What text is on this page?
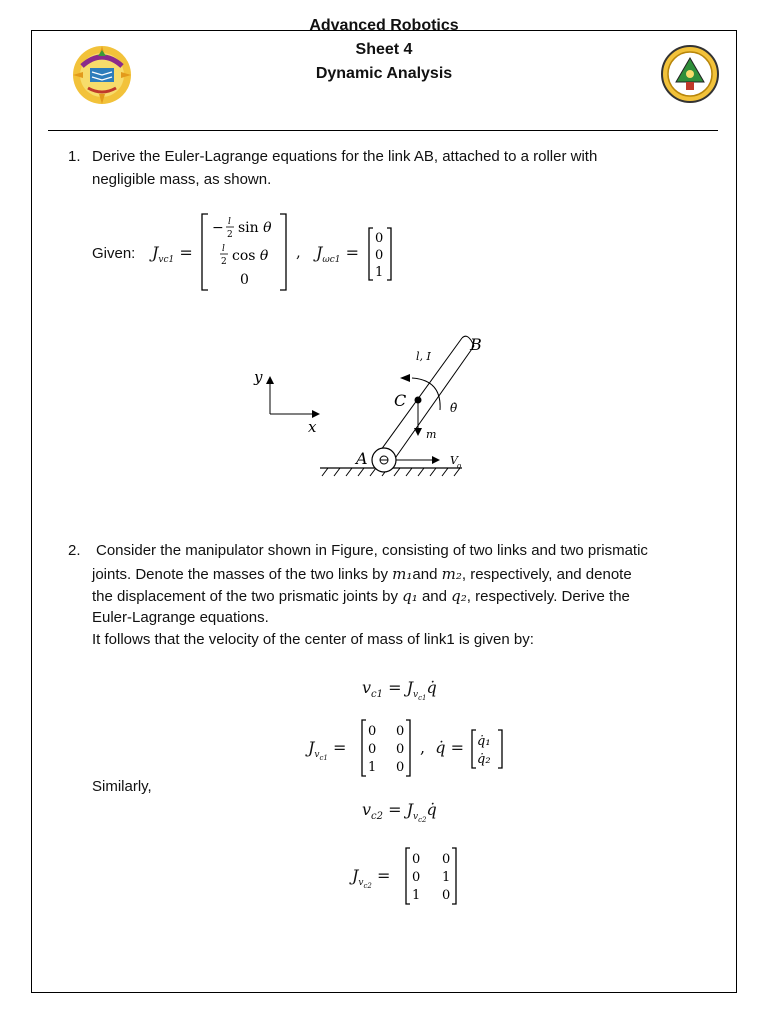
Advanced Robotics
Sheet 4
Dynamic Analysis
1. Derive the Euler-Lagrange equations for the link AB, attached to a roller with
negligible mass, as shown.
Given: $J_{vc1}$ =
− l
2 sin θ
l
2 cos θ
0
, $J_{\omega c1}$ =
0
0
1
y
x
V o
m
θ̇
B
l, I
C
A
2. Consider the manipulator shown in Figure, consisting of two links and two prismatic
joints. Denote the masses of the two links by m₁and m₂, respectively, and denote
the displacement of the two prismatic joints by q₁ and q₂, respectively. Derive the
Euler-Lagrange equations.
It follows that the velocity of the center of mass of link1 is given by:
$v_{c1}$ = $J_{v_{c1}}q̇$
$J_{v_{c1}}$ =
0 0
0 0
1 0
,  q̇ = q̇₁
q̇₂
Similarly,
$v_{c2}$ = $J_{v_{c2}}q̇$
$J_{v_{c2}}$ =
0 0
0 1
1 0
